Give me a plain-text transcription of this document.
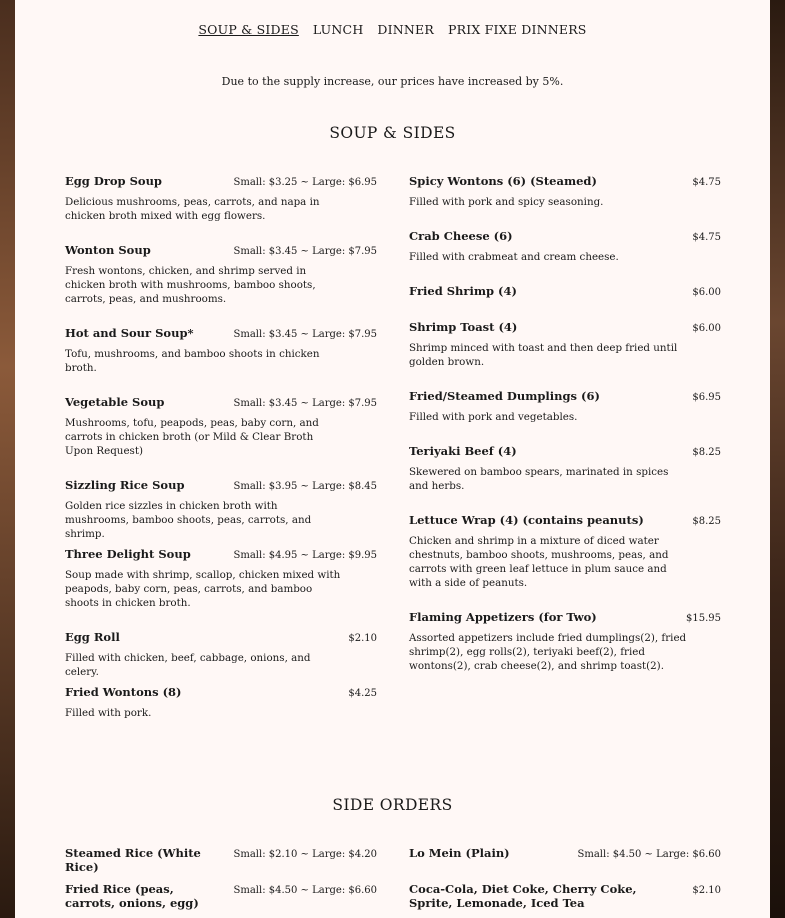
SOUP & SIDES LUNCH DINNER PRIX FIXE DINNERS
Due to the supply increase, our prices have increased by 5%.
SOUP & SIDES
Egg Drop Soup	Small: $3.25 ~ Large: $6.95
Delicious mushrooms, peas, carrots, and napa in chicken broth mixed with egg flowers.
Wonton Soup	Small: $3.45 ~ Large: $7.95
Fresh wontons, chicken, and shrimp served in chicken broth with mushrooms, bamboo shoots, carrots, peas, and mushrooms.
Hot and Sour Soup*	Small: $3.45 ~ Large: $7.95
Tofu, mushrooms, and bamboo shoots in chicken broth.
Vegetable Soup	Small: $3.45 ~ Large: $7.95
Mushrooms, tofu, peapods, peas, baby corn, and carrots in chicken broth (or Mild & Clear Broth Upon Request)
Sizzling Rice Soup	Small: $3.95 ~ Large: $8.45
Golden rice sizzles in chicken broth with mushrooms, bamboo shoots, peas, carrots, and shrimp.
Three Delight Soup	Small: $4.95 ~ Large: $9.95
Soup made with shrimp, scallop, chicken mixed with peapods, baby corn, peas, carrots, and bamboo shoots in chicken broth.
Egg Roll	$2.10
Filled with chicken, beef, cabbage, onions, and celery.
Fried Wontons (8)	$4.25
Filled with pork.
Spicy Wontons (6) (Steamed)	$4.75
Filled with pork and spicy seasoning.
Crab Cheese (6)	$4.75
Filled with crabmeat and cream cheese.
Fried Shrimp (4)	$6.00
Shrimp Toast (4)	$6.00
Shrimp minced with toast and then deep fried until golden brown.
Fried/Steamed Dumplings (6)	$6.95
Filled with pork and vegetables.
Teriyaki Beef (4)	$8.25
Skewered on bamboo spears, marinated in spices and herbs.
Lettuce Wrap (4) (contains peanuts)	$8.25
Chicken and shrimp in a mixture of diced water chestnuts, bamboo shoots, mushrooms, peas, and carrots with green leaf lettuce in plum sauce and with a side of peanuts.
Flaming Appetizers (for Two)	$15.95
Assorted appetizers include fried dumplings(2), fried shrimp(2), egg rolls(2), teriyaki beef(2), fried wontons(2), crab cheese(2), and shrimp toast(2).
SIDE ORDERS
Steamed Rice (White Rice)
Small: $2.10 ~ Large: $4.20
Fried Rice (peas, carrots, onions, egg)
Small: $4.50 ~ Large: $6.60
Lo Mein (Plain)	Small: $4.50 ~ Large: $6.60
Coca-Cola, Diet Coke, Cherry Coke, Sprite, Lemonade, Iced Tea
$2.10
